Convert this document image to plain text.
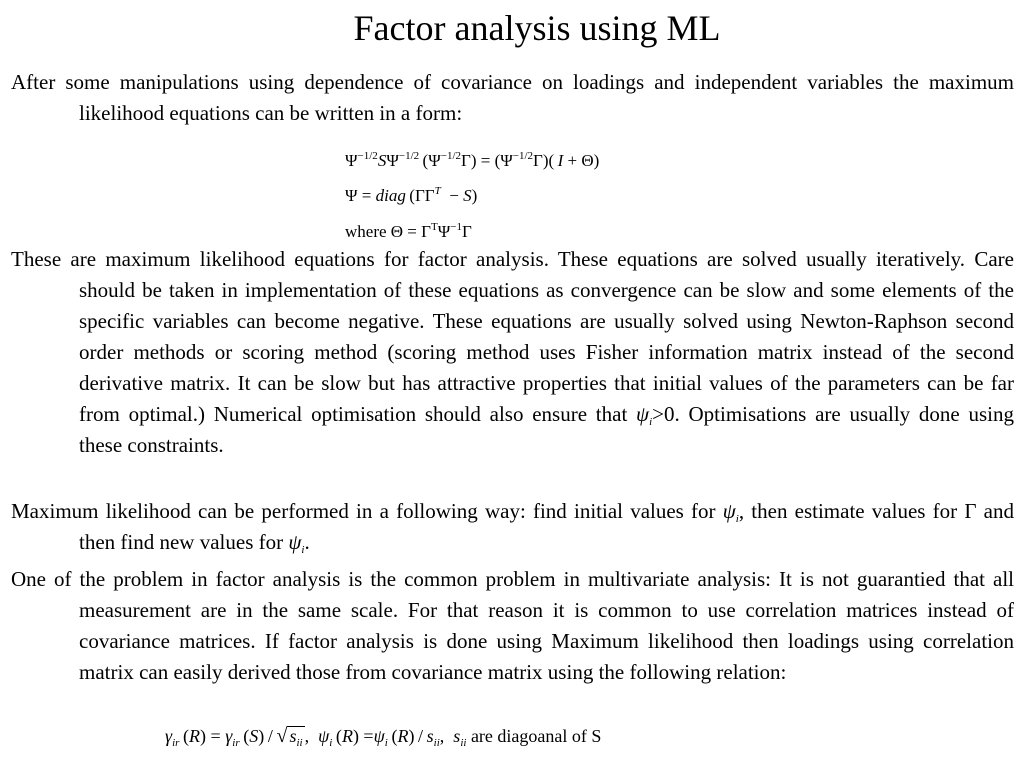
Factor analysis using ML

After some manipulations using dependence of covariance on loadings and independent variables the maximum likelihood equations can be written in a form:

$\Psi^{-1/2}S\Psi^{-1/2}$ $(\Psi^{-1/2}\Gamma) = (\Psi^{-1/2}\Gamma)$( I + Θ)
Ψ = diag $(\Gamma\Gamma^T - S)$
where $\Theta = \Gamma^T\Psi^{-1}\Gamma$

These are maximum likelihood equations for factor analysis. These equations are solved usually iteratively. Care should be taken in implementation of these equations as convergence can be slow and some elements of the specific variables can become negative. These equations are usually solved using Newton-Raphson second order methods or scoring method (scoring method uses Fisher information matrix instead of the second derivative matrix. It can be slow but has attractive properties that initial values of the parameters can be far from optimal.) Numerical optimisation should also ensure that $\psi_i>0$. Optimisations are usually done using these constraints.

Maximum likelihood can be performed in a following way: find initial values for $\psi_i$, then estimate values for Γ and then find new values for $\psi_i$.

One of the problem in factor analysis is the common problem in multivariate analysis: It is not guarantied that all measurement are in the same scale. For that reason it is common to use correlation matrices instead of covariance matrices. If factor analysis is done using Maximum likelihood then loadings using correlation matrix can easily derived those from covariance matrix using the following relation:

$\gamma_{ir}$ $(R) = \gamma_{ir}$ (S) / √ $s_{ii}$ ,  $\psi_i$ $(R) =\psi_i$ $(R) / s_{ii}$,  $s_{ii}$ are diagoanal of S
